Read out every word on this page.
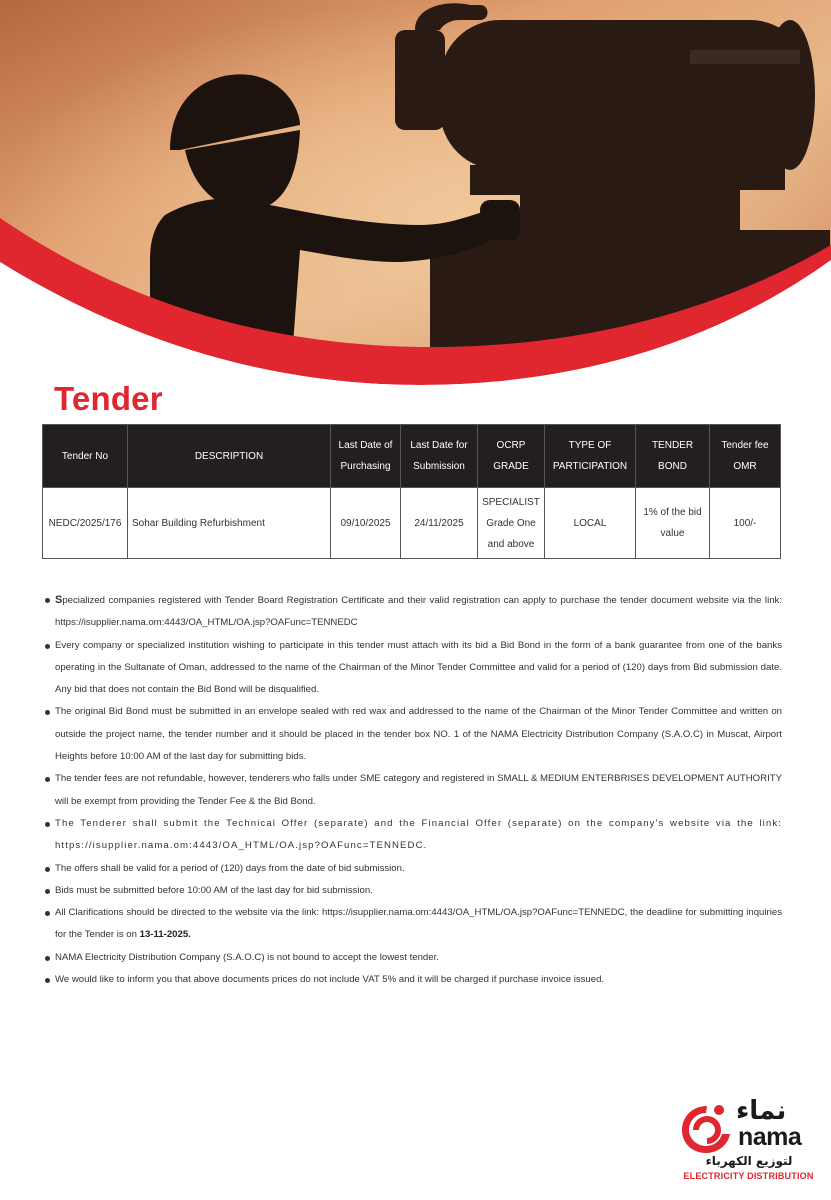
Tender
Tender No	DESCRIPTION	Last Date of Purchasing	Last Date for Submission	OCRP GRADE	TYPE OF PARTICIPATION	TENDER BOND	Tender fee OMR
NEDC/2025/176	Sohar Building Refurbishment	09/10/2025	24/11/2025	SPECIALIST Grade One and above	LOCAL	1% of the bid value	100/-
Specialized companies registered with Tender Board Registration Certificate and their valid registration can apply to purchase the tender document website via the link: https://isupplier.nama.om:4443/OA_HTML/OA.jsp?OAFunc=TENNEDC
Every company or specialized institution wishing to participate in this tender must attach with its bid a Bid Bond in the form of a bank guarantee from one of the banks operating in the Sultanate of Oman, addressed to the name of the Chairman of the Minor Tender Committee and valid for a period of (120) days from Bid submission date. Any bid that does not contain the Bid Bond will be disqualified.
The original Bid Bond must be submitted in an envelope sealed with red wax and addressed to the name of the Chairman of the Minor Tender Committee and written on outside the project name, the tender number and it should be placed in the tender box NO. 1 of the NAMA Electricity Distribution Company (S.A.O.C) in Muscat, Airport Heights before 10:00 AM of the last day for submitting bids.
The tender fees are not refundable, however, tenderers who falls under SME category and registered in SMALL & MEDIUM ENTERBRISES DEVELOPMENT AUTHORITY will be exempt from providing the Tender Fee & the Bid Bond.
The Tenderer shall submit the Technical Offer (separate) and the Financial Offer (separate) on the company's website via the link: https://isupplier.nama.om:4443/OA_HTML/OA.jsp?OAFunc=TENNEDC.
The offers shall be valid for a period of (120) days from the date of bid submission.
Bids must be submitted before 10:00 AM of the last day for bid submission.
All Clarifications should be directed to the website via the link: https://isupplier.nama.om:4443/OA_HTML/OA.jsp?OAFunc=TENNEDC, the deadline for submitting inquiries for the Tender is on 13-11-2025.
NAMA Electricity Distribution Company (S.A.O.C) is not bound to accept the lowest tender.
We would like to inform you that above documents prices do not include VAT 5% and it will be charged if purchase invoice issued.
نماء
nama
لتوزيع الكهرباء
ELECTRICITY DISTRIBUTION
